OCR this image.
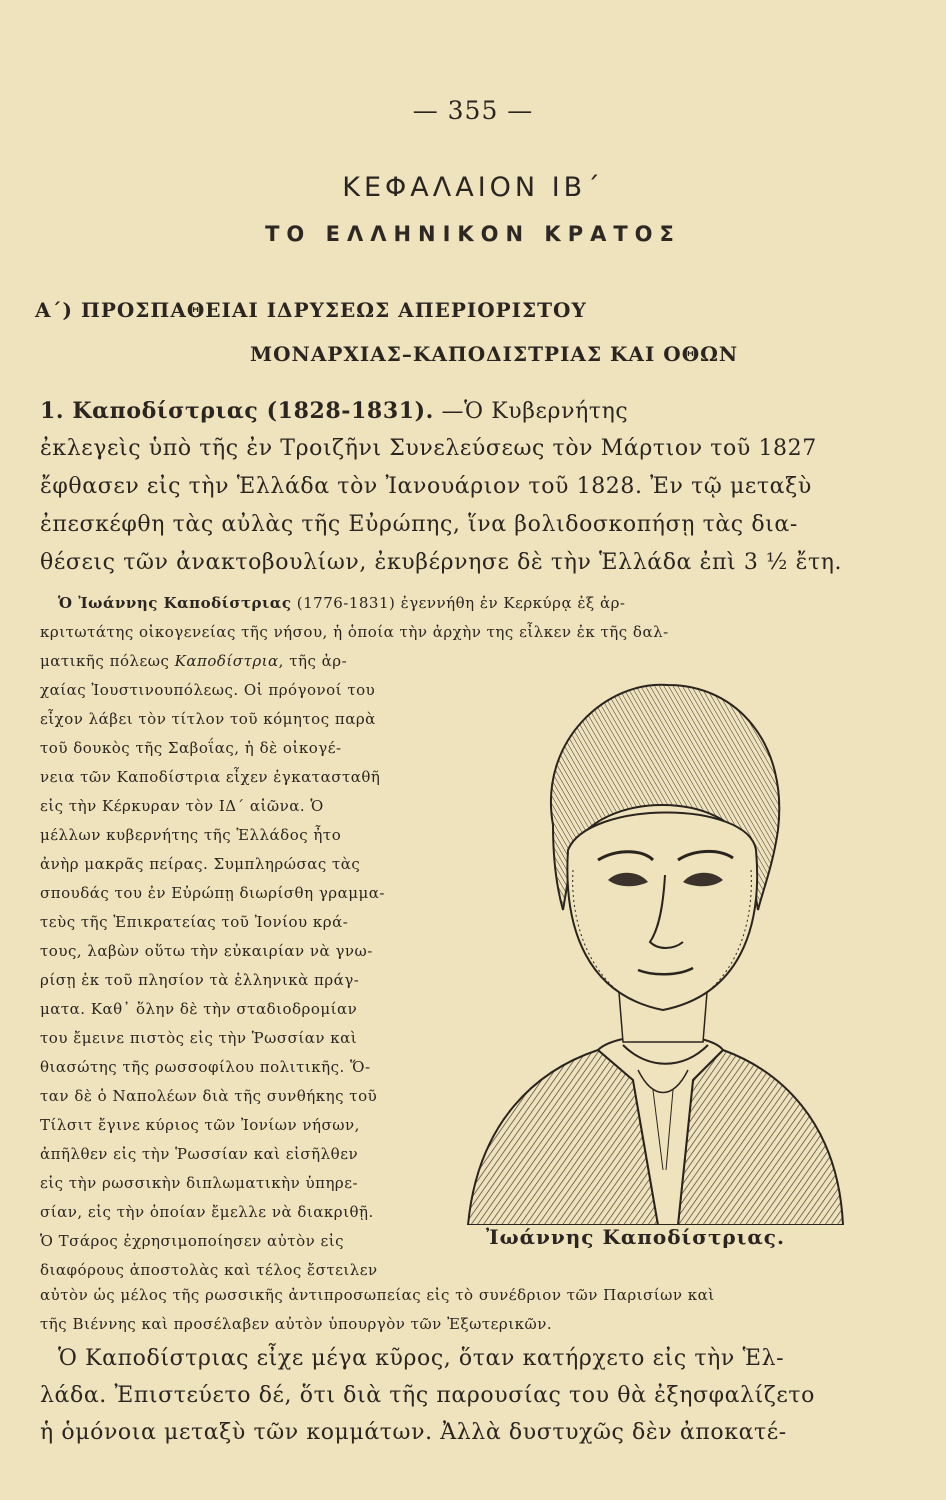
— 355 —
ΚΕΦΑΛΑΙΟΝ ΙΒ΄
ΤΟ ΕΛΛΗΝΙΚΟΝ ΚΡΑΤΟΣ
Α΄) ΠΡΟΣΠΑΘΕΙΑΙ ΙΔΡΥΣΕΩΣ ΑΠΕΡΙΟΡΙΣΤΟΥ
ΜΟΝΑΡΧΙΑΣ–ΚΑΠΟΔΙΣΤΡΙΑΣ ΚΑΙ ΟΘΩΝ
1. Καποδίστριας (1828-1831). —Ὁ Κυβερνήτης
ἐκλεγεὶς ὑπὸ τῆς ἐν Τροιζῆνι Συνελεύσεως τὸν Μάρτιον τοῦ 1827
ἔφθασεν εἰς τὴν Ἑλλάδα τὸν Ἰανουάριον τοῦ 1828. Ἐν τῷ μεταξὺ
ἐπεσκέφθη τὰς αὐλὰς τῆς Εὐρώπης, ἵνα βολιδοσκοπήσῃ τὰς δια-
θέσεις τῶν ἀνακτοβουλίων, ἐκυβέρνησε δὲ τὴν Ἑλλάδα ἐπὶ 3 ½ ἔτη.
Ὁ Ἰωάννης Καποδίστριας (1776-1831) ἐγεννήθη ἐν Κερκύρᾳ ἐξ ἀρ-
κριτωτάτης οἰκογενείας τῆς νήσου, ἡ ὁποία τὴν ἀρχὴν της εἶλκεν ἐκ τῆς δαλ-
ματικῆς πόλεως Καποδίστρια, τῆς ἀρ-
χαίας Ἰουστινουπόλεως. Οἱ πρόγονοί του
εἶχον λάβει τὸν τίτλον τοῦ κόμητος παρὰ
τοῦ δουκὸς τῆς Σαβοΐας, ἡ δὲ οἰκογέ-
νεια τῶν Καποδίστρια εἶχεν ἐγκατασταθῆ
εἰς τὴν Κέρκυραν τὸν ΙΔ΄ αἰῶνα. Ὁ
μέλλων κυβερνήτης τῆς Ἑλλάδος ἦτο
ἀνὴρ μακρᾶς πείρας. Συμπληρώσας τὰς
σπουδάς του ἐν Εὐρώπῃ διωρίσθη γραμμα-
τεὺς τῆς Ἐπικρατείας τοῦ Ἰονίου κρά-
τους, λαβὼν οὕτω τὴν εὐκαιρίαν νὰ γνω-
ρίσῃ ἐκ τοῦ πλησίον τὰ ἑλληνικὰ πράγ-
ματα. Καθ᾽ ὅλην δὲ τὴν σταδιοδρομίαν
του ἔμεινε πιστὸς εἰς τὴν Ῥωσσίαν καὶ
θιασώτης τῆς ρωσσοφίλου πολιτικῆς. Ὅ-
ταν δὲ ὁ Ναπολέων διὰ τῆς συνθήκης τοῦ
Τίλσιτ ἔγινε κύριος τῶν Ἰονίων νήσων,
ἀπῆλθεν εἰς τὴν Ῥωσσίαν καὶ εἰσῆλθεν
εἰς τὴν ρωσσικὴν διπλωματικὴν ὑπηρε-
σίαν, εἰς τὴν ὁποίαν ἔμελλε νὰ διακριθῇ.
Ὁ Τσάρος ἐχρησιμοποίησεν αὐτὸν εἰς
διαφόρους ἀποστολὰς καὶ τέλος ἔστειλεν
αὐτὸν ὡς μέλος τῆς ρωσσικῆς ἀντιπροσωπείας εἰς τὸ συνέδριον τῶν Παρισίων καὶ
τῆς Βιέννης καὶ προσέλαβεν αὐτὸν ὑπουργὸν τῶν Ἐξωτερικῶν.
Ἰωάννης Καποδίστριας.
Ὁ Καποδίστριας εἶχε μέγα κῦρος, ὅταν κατήρχετο εἰς τὴν Ἑλ-
λάδα. Ἐπιστεύετο δέ, ὅτι διὰ τῆς παρουσίας του θὰ ἐξησφαλίζετο
ἡ ὁμόνοια μεταξὺ τῶν κομμάτων. Ἀλλὰ δυστυχῶς δὲν ἀποκατέ-
